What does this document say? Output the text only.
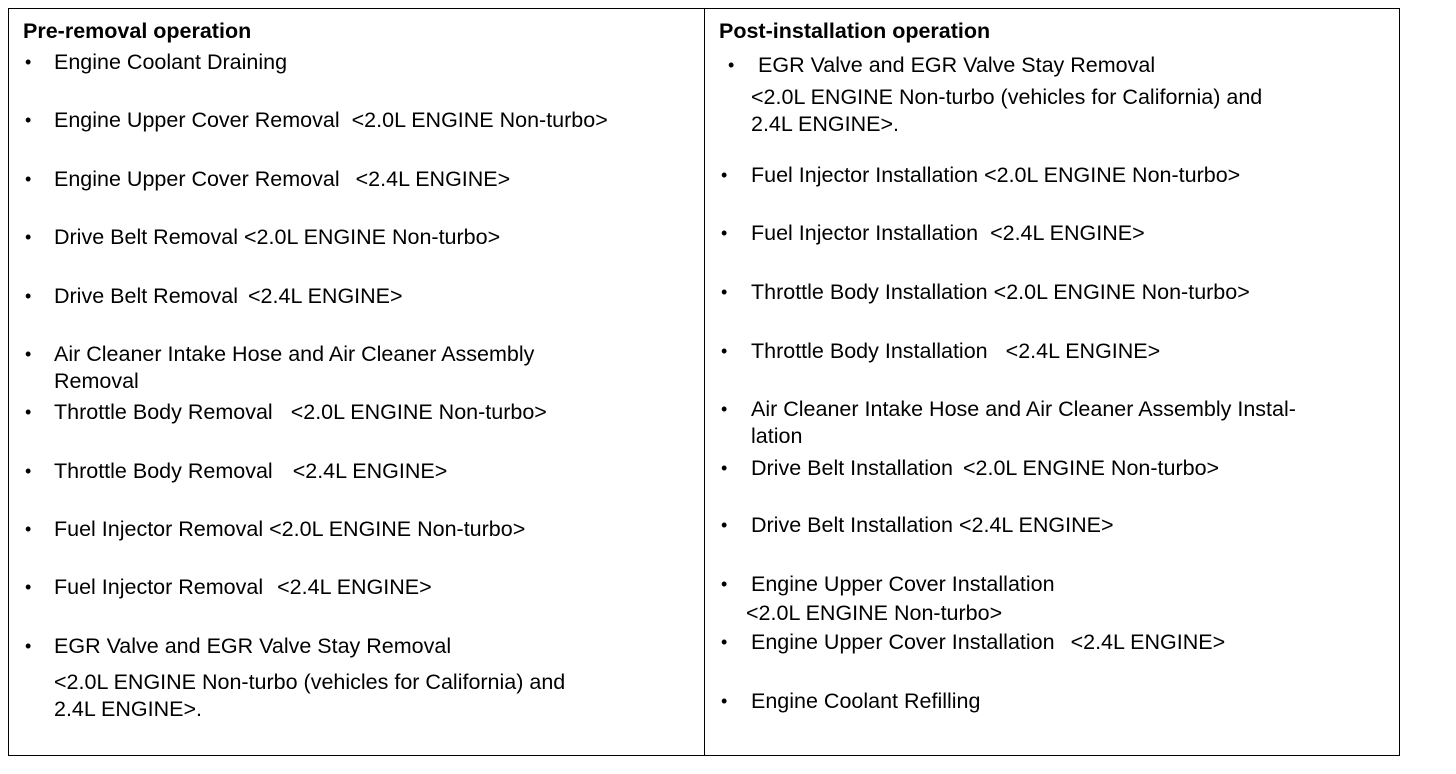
Pre-removal operation
• Engine Coolant Draining
• Engine Upper Cover Removal <2.0L ENGINE Non-turbo>
• Engine Upper Cover Removal <2.4L ENGINE>
• Drive Belt Removal <2.0L ENGINE Non-turbo>
• Drive Belt Removal <2.4L ENGINE>
• Air Cleaner Intake Hose and Air Cleaner Assembly
Removal
• Throttle Body Removal <2.0L ENGINE Non-turbo>
• Throttle Body Removal <2.4L ENGINE>
• Fuel Injector Removal <2.0L ENGINE Non-turbo>
• Fuel Injector Removal <2.4L ENGINE>
• EGR Valve and EGR Valve Stay Removal
<2.0L ENGINE Non-turbo (vehicles for California) and
2.4L ENGINE>.
Post-installation operation
• EGR Valve and EGR Valve Stay Removal
<2.0L ENGINE Non-turbo (vehicles for California) and
2.4L ENGINE>.
• Fuel Injector Installation <2.0L ENGINE Non-turbo>
• Fuel Injector Installation <2.4L ENGINE>
• Throttle Body Installation <2.0L ENGINE Non-turbo>
• Throttle Body Installation <2.4L ENGINE>
• Air Cleaner Intake Hose and Air Cleaner Assembly Instal-
lation
• Drive Belt Installation <2.0L ENGINE Non-turbo>
• Drive Belt Installation <2.4L ENGINE>
• Engine Upper Cover Installation
<2.0L ENGINE Non-turbo>
• Engine Upper Cover Installation <2.4L ENGINE>
• Engine Coolant Refilling
